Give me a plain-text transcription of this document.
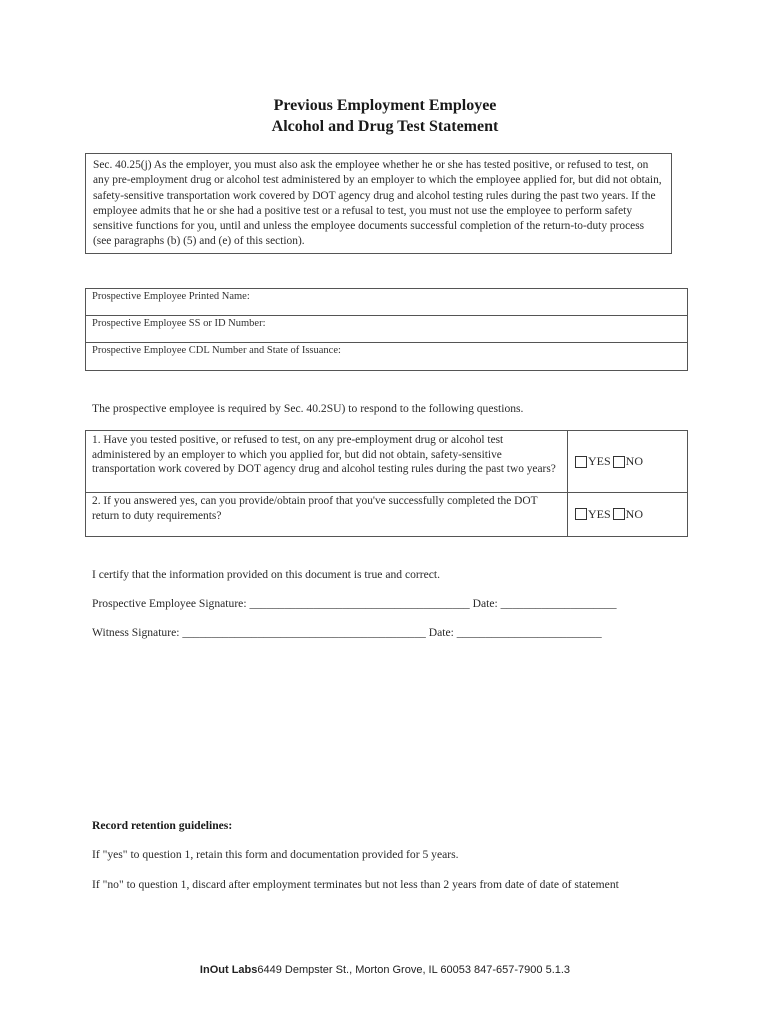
Previous Employment Employee
Alcohol and Drug Test Statement
Sec. 40.25(j) As the employer, you must also ask the employee whether he or she has tested positive, or refused to test, on any pre-employment drug or alcohol test administered by an employer to which the employee applied for, but did not obtain, safety-sensitive transportation work covered by DOT agency drug and alcohol testing rules during the past two years. If the employee admits that he or she had a positive test or a refusal to test, you must not use the employee to perform safety sensitive functions for you, until and unless the employee documents successful completion of the return-to-duty process (see paragraphs (b) (5) and (e) of this section).
Prospective Employee Printed Name:
Prospective Employee SS or ID Number:
Prospective Employee CDL Number and State of Issuance:
The prospective employee is required by Sec. 40.2SU) to respond to the following questions.
1. Have you tested positive, or refused to test, on any pre-employment drug or alcohol test administered by an employer to which you applied for, but did not obtain, safety-sensitive transportation work covered by DOT agency drug and alcohol testing rules during the past two years?
YES NO
2. If you answered yes, can you provide/obtain proof that you've successfully completed the DOT return to duty requirements?	YES NO
I certify that the information provided on this document is true and correct.
Prospective Employee Signature: ______________________________________ Date: ____________________
Witness Signature: __________________________________________ Date: _________________________
Record retention guidelines:
If "yes" to question 1, retain this form and documentation provided for 5 years.
If "no" to question 1, discard after employment terminates but not less than 2 years from date of date of statement
InOut Labs6449 Dempster St., Morton Grove, IL 60053 847-657-7900 5.1.3
